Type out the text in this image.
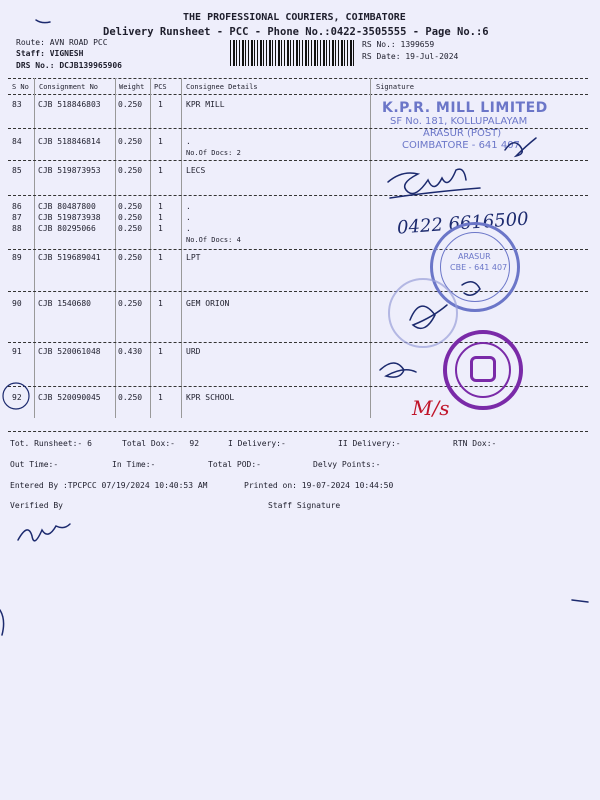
THE PROFESSIONAL COURIERS, COIMBATORE
Delivery Runsheet - PCC - Phone No.:0422-3505555 - Page No.:6
Route: AVN ROAD PCC
Staff: VIGNESH
DRS No.: DCJB139965906
RS No.: 1399659
RS Date: 19-Jul-2024
S No Consignment No	Weight PCS	Consignee Details	Signature
83 CJB 518846803 0.250 1	KPR MILL
84 CJB 518846814 0.250 1	.
No.Of Docs: 2
85 CJB 519873953 0.250 1	LECS
86 CJB 80487800	0.250 1	.
87 CJB 519873938 0.250 1	.
88 CJB 80295066	0.250 1	.
No.Of Docs: 4
89 CJB 519689041 0.250 1	LPT
90 CJB 1540680	0.250 1	GEM ORION
91 CJB 520061048 0.430 1	URD
92 CJB 520090045 0.250 1	KPR SCHOOL
Tot. Runsheet:- 6	Total Dox:-   92	I Delivery:-	II Delivery:-	RTN Dox:-
Out Time:-	In Time:-	Total POD:-	Delvy Points:-
Entered By :TPCPCC 07/19/2024 10:40:53 AM	Printed on: 19-07-2024 10:44:50
Verified By	Staff Signature
K.P.R. MILL LIMITED
SF No. 181, KOLLUPALAYAM
ARASUR (POST)
COIMBATORE - 641 407
0422 6616500
ARASUR
CBE - 641 407
M/s
